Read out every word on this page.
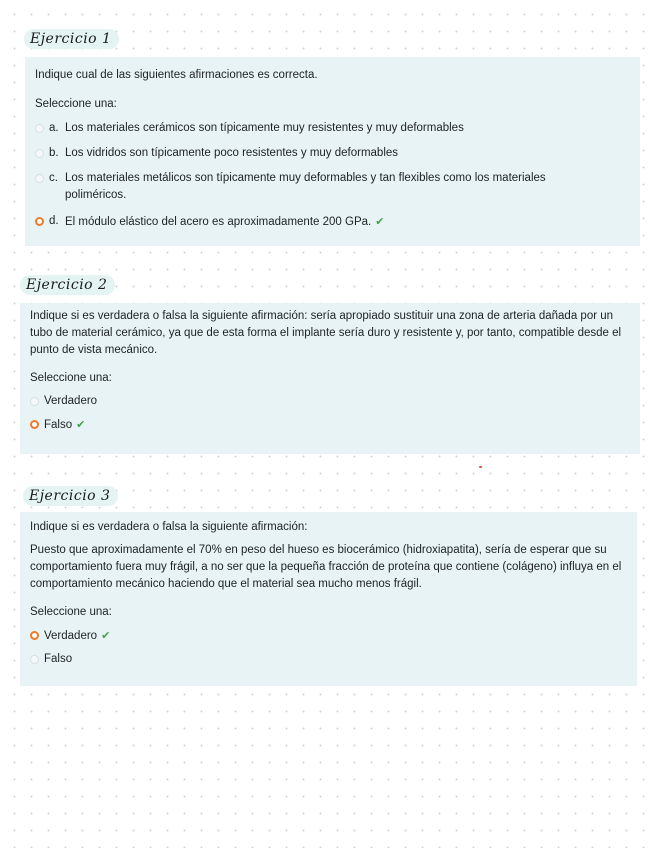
Ejercicio 1

Indique cual de las siguientes afirmaciones es correcta.

Seleccione una:

a. Los materiales cerámicos son típicamente muy resistentes y muy deformables
b. Los vidridos son típicamente poco resistentes y muy deformables
c. Los materiales metálicos son típicamente muy deformables y tan flexibles como los materiales poliméricos.
d. El módulo elástico del acero es aproximadamente 200 GPa. ✔
Ejercicio 2

Indique si es verdadera o falsa la siguiente afirmación: sería apropiado sustituir una zona de arteria dañada por un tubo de material cerámico, ya que de esta forma el implante sería duro y resistente y, por tanto, compatible desde el punto de vista mecánico.

Seleccione una:

Verdadero
Falso ✔
Ejercicio 3

Indique si es verdadera o falsa la siguiente afirmación:

Puesto que aproximadamente el 70% en peso del hueso es biocerámico (hidroxiapatita), sería de esperar que su comportamiento fuera muy frágil, a no ser que la pequeña fracción de proteína que contiene (colágeno) influya en el comportamiento mecánico haciendo que el material sea mucho menos frágil.

Seleccione una:

Verdadero ✔
Falso
